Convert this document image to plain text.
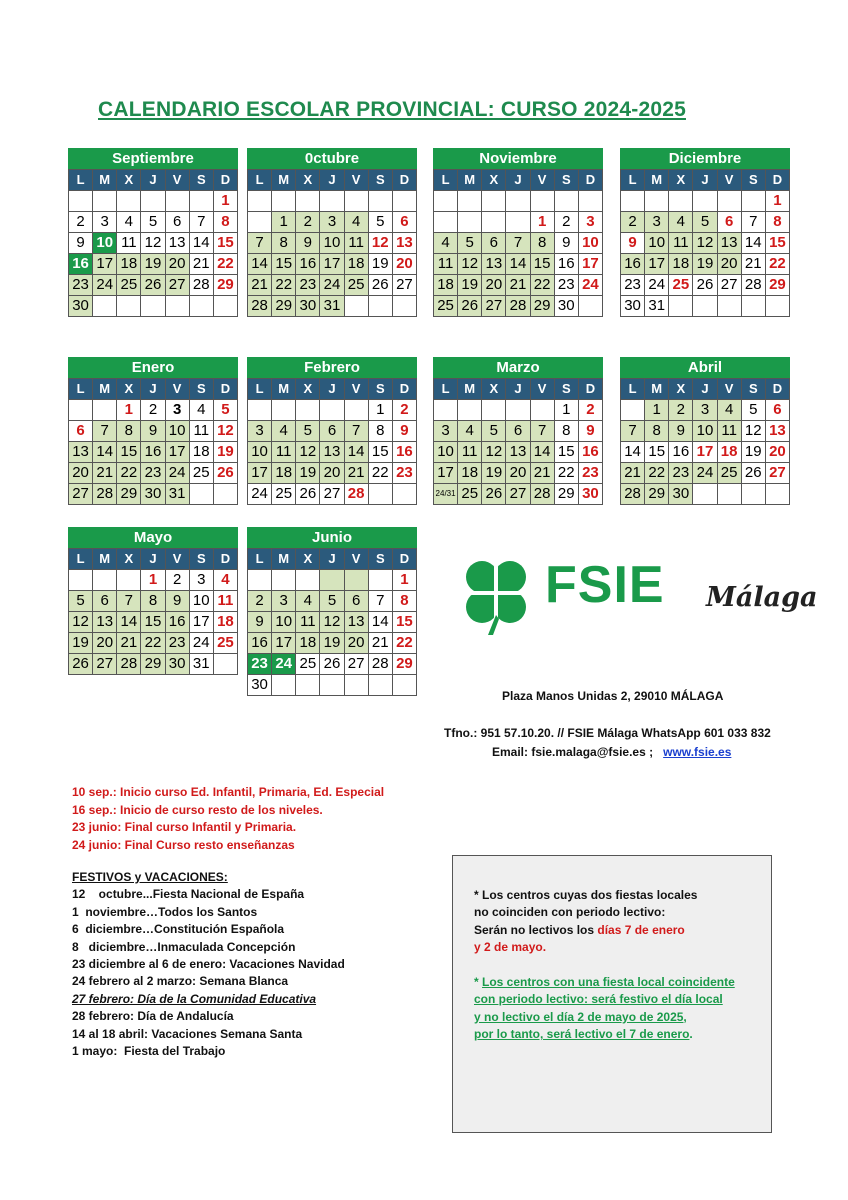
CALENDARIO ESCOLAR PROVINCIAL: CURSO 2024-2025
Septiembre
L	M	X	J	V	S	D
						1
2	3	4	5	6	7	8
9	10	11	12	13	14	15
16	17	18	19	20	21	22
23	24	25	26	27	28	29
30						
0ctubre
L	M	X	J	V	S	D

	1	2	3	4	5	6
7	8	9	10	11	12	13
14	15	16	17	18	19	20
21	22	23	24	25	26	27
28	29	30	31			
Noviembre
L	M	X	J	V	S	D

				1	2	3
4	5	6	7	8	9	10
11	12	13	14	15	16	17
18	19	20	21	22	23	24
25	26	27	28	29	30	
Diciembre
L	M	X	J	V	S	D
						1
2	3	4	5	6	7	8
9	10	11	12	13	14	15
16	17	18	19	20	21	22
23	24	25	26	27	28	29
30	31					
Enero
L	M	X	J	V	S	D
		1	2	3	4	5
6	7	8	9	10	11	12
13	14	15	16	17	18	19
20	21	22	23	24	25	26
27	28	29	30	31		
Febrero
L	M	X	J	V	S	D
					1	2
3	4	5	6	7	8	9
10	11	12	13	14	15	16
17	18	19	20	21	22	23
24	25	26	27	28		
Marzo
L	M	X	J	V	S	D
					1	2
3	4	5	6	7	8	9
10	11	12	13	14	15	16
17	18	19	20	21	22	23
24/31	25	26	27	28	29	30
Abril
L	M	X	J	V	S	D
	1	2	3	4	5	6
7	8	9	10	11	12	13
14	15	16	17	18	19	20
21	22	23	24	25	26	27
28	29	30				
Mayo
L	M	X	J	V	S	D
			1	2	3	4
5	6	7	8	9	10	11
12	13	14	15	16	17	18
19	20	21	22	23	24	25
26	27	28	29	30	31	
Junio
L	M	X	J	V	S	D
						1
2	3	4	5	6	7	8
9	10	11	12	13	14	15
16	17	18	19	20	21	22
23	24	25	26	27	28	29
30						
FSIE Málaga
Plaza Manos Unidas 2, 29010 MÁLAGA
Tfno.: 951 57.10.20. // FSIE Málaga WhatsApp 601 033 832
Email: fsie.malaga@fsie.es ; www.fsie.es
10 sep.: Inicio curso Ed. Infantil, Primaria, Ed. Especial
16 sep.: Inicio de curso resto de los niveles.
23 junio: Final curso Infantil y Primaria.
24 junio: Final Curso resto enseñanzas
FESTIVOS y VACACIONES:
12    octubre...Fiesta Nacional de España
1  noviembre…Todos los Santos
6  diciembre…Constitución Española
8   diciembre…Inmaculada Concepción
23 diciembre al 6 de enero: Vacaciones Navidad
24 febrero al 2 marzo: Semana Blanca
27 febrero: Día de la Comunidad Educativa
28 febrero: Día de Andalucía
14 al 18 abril: Vacaciones Semana Santa
1 mayo:  Fiesta del Trabajo
* Los centros cuyas dos fiestas locales
no coinciden con periodo lectivo:
Serán no lectivos los días 7 de enero
y 2 de mayo.
* Los centros con una fiesta local coincidente
con periodo lectivo: será festivo el día local
y no lectivo el día 2 de mayo de 2025,
por lo tanto, será lectivo el 7 de enero.
